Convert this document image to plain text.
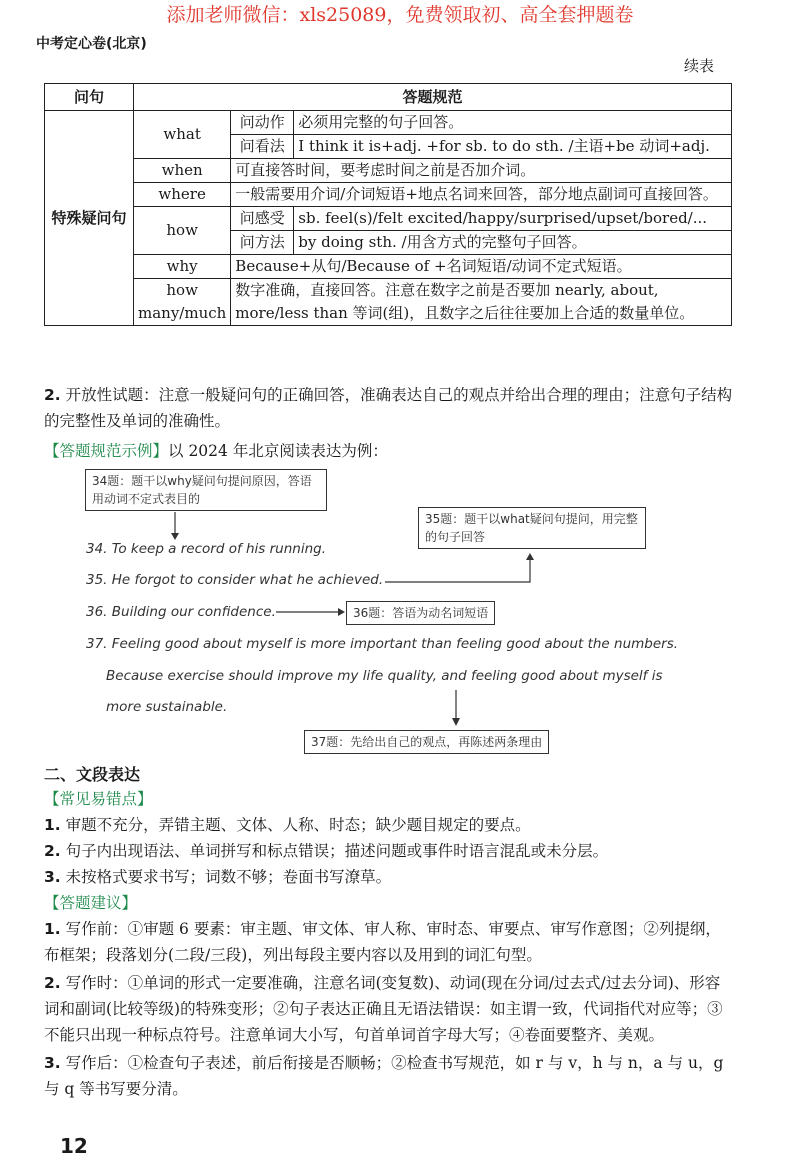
添加老师微信：xls25089，免费领取初、高全套押题卷
中考定心卷(北京)
续表
问句	答题规范		
特殊疑问句	what	问动作	必须用完整的句子回答。
		问看法	I think it is+adj. +for sb. to do sth. /主语+be 动词+adj.
	when	可直接答时间，要考虑时间之前是否加介词。	
	where	一般需要用介词/介词短语+地点名词来回答，部分地点副词可直接回答。	
	how	问感受	sb. feel(s)/felt excited/happy/surprised/upset/bored/...
		问方法	by doing sth. /用含方式的完整句子回答。
	why	Because+从句/Because of +名词短语/动词不定式短语。	
	how many/much	数字准确，直接回答。注意在数字之前是否要加 nearly, about, more/less than 等词(组)，且数字之后往往要加上合适的数量单位。	
2. 开放性试题：注意一般疑问句的正确回答，准确表达自己的观点并给出合理的理由；注意句子结构的完整性及单词的准确性。
【答题规范示例】以 2024 年北京阅读表达为例：
34题：题干以why疑问句提问原因，答语用动词不定式表目的
35题：题干以what疑问句提问，用完整的句子回答
36题：答语为动名词短语
37题：先给出自己的观点，再陈述两条理由
34. To keep a record of his running.
35. He forgot to consider what he achieved.
36. Building our confidence.
37. Feeling good about myself is more important than feeling good about the numbers.
Because exercise should improve my life quality, and feeling good about myself is
more sustainable.
二、文段表达
【常见易错点】
1. 审题不充分，弄错主题、文体、人称、时态；缺少题目规定的要点。
2. 句子内出现语法、单词拼写和标点错误；描述问题或事件时语言混乱或未分层。
3. 未按格式要求书写；词数不够；卷面书写潦草。
【答题建议】
1. 写作前：①审题 6 要素：审主题、审文体、审人称、审时态、审要点、审写作意图；②列提纲，布框架；段落划分(二段/三段)，列出每段主要内容以及用到的词汇句型。
2. 写作时：①单词的形式一定要准确，注意名词(变复数)、动词(现在分词/过去式/过去分词)、形容词和副词(比较等级)的特殊变形；②句子表达正确且无语法错误：如主谓一致，代词指代对应等；③不能只出现一种标点符号。注意单词大小写，句首单词首字母大写；④卷面要整齐、美观。
3. 写作后：①检查句子表述，前后衔接是否顺畅；②检查书写规范，如 r 与 v，h 与 n，a 与 u，g 与 q 等书写要分清。
12
